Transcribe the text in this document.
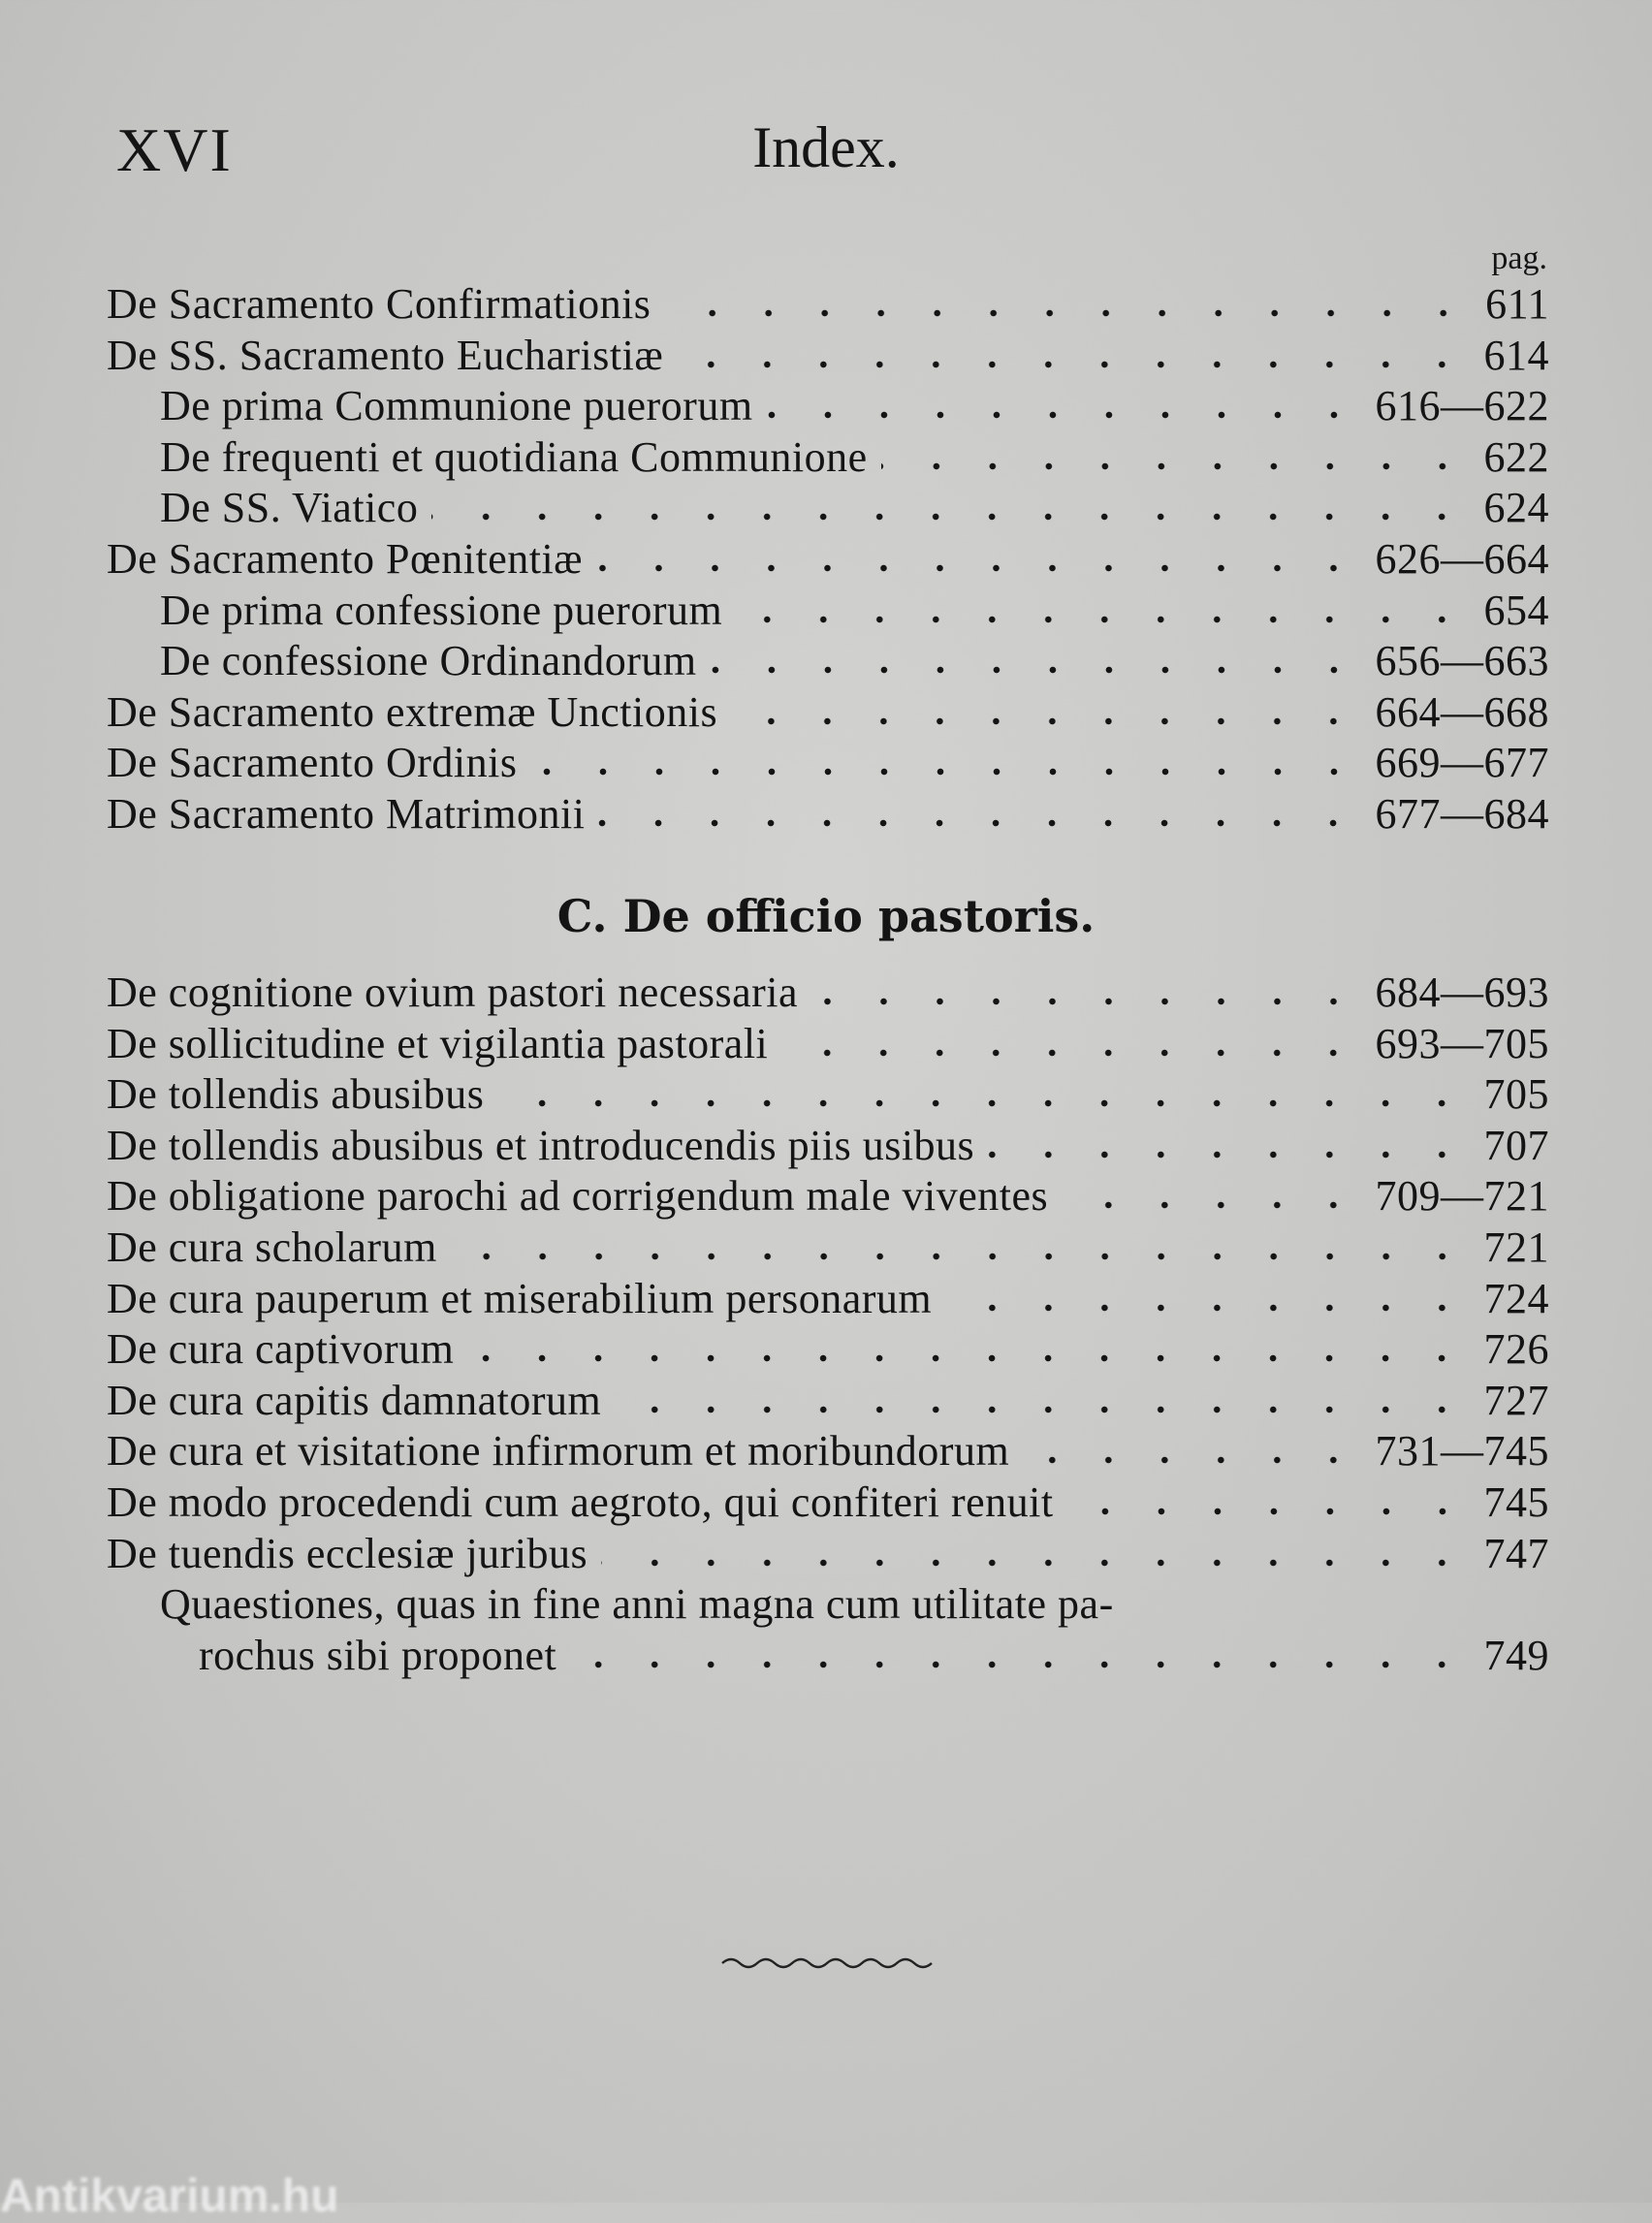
XVI	Index.
pag.
De Sacramento Confirmationis	611
De SS. Sacramento Eucharistiæ	614
De prima Communione puerorum	616—622
De frequenti et quotidiana Communione	622
De SS. Viatico	624
De Sacramento Pœnitentiæ	626—664
De prima confessione puerorum	654
De confessione Ordinandorum	656—663
De Sacramento extremæ Unctionis	664—668
De Sacramento Ordinis	669—677
De Sacramento Matrimonii	677—684
C. De officio pastoris.
De cognitione ovium pastori necessaria	684—693
De sollicitudine et vigilantia pastorali	693—705
De tollendis abusibus	705
De tollendis abusibus et introducendis piis usibus	707
De obligatione parochi ad corrigendum male viventes	709—721
De cura scholarum	721
De cura pauperum et miserabilium personarum	724
De cura captivorum	726
De cura capitis damnatorum	727
De cura et visitatione infirmorum et moribundorum	731—745
De modo procedendi cum aegroto, qui confiteri renuit	745
De tuendis ecclesiæ juribus	747
Quaestiones, quas in fine anni magna cum utilitate pa-
rochus sibi proponet	749
Antikvarium.hu
